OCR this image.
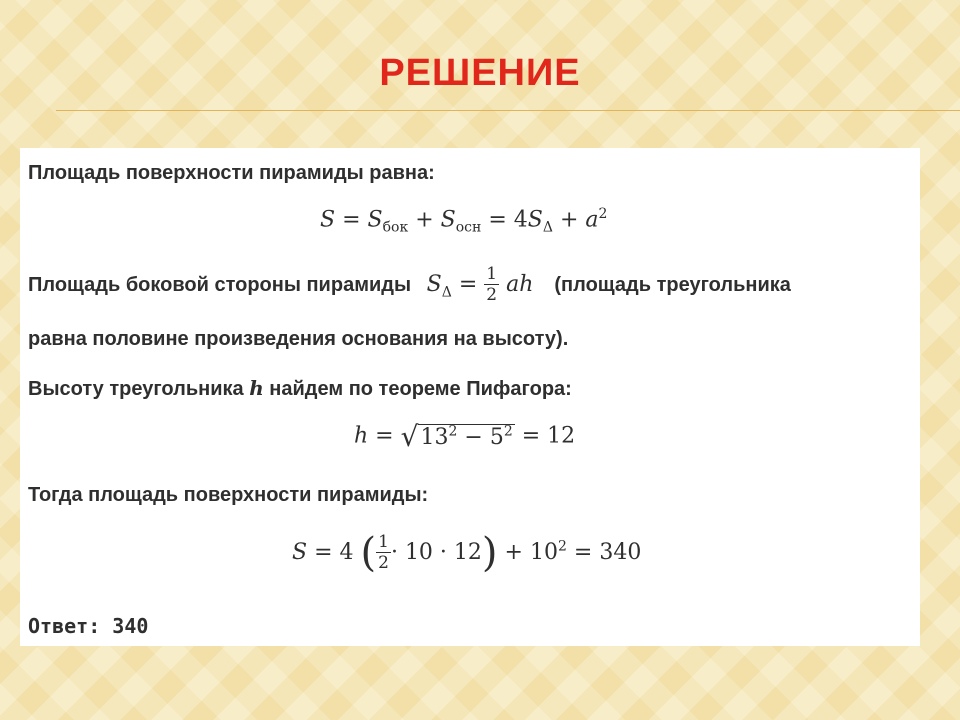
РЕШЕНИЕ
Площадь поверхности пирамиды равна:
$S = S_{бок} + S_{осн} = 4S_\Delta + a^2$
Площадь боковой стороны пирамиды $S_\Delta = \frac{1}{2}$ ah (площадь треугольника
равна половине произведения основания на высоту).
Высоту треугольника h найдем по теореме Пифагора:
$h = √13^2 - 5^2 = 12$
Тогда площадь поверхности пирамиды:
S = 4 ( $\frac{1}{2} \cdot 10 \cdot 12) + 10^2 = 340$
Ответ: 340
